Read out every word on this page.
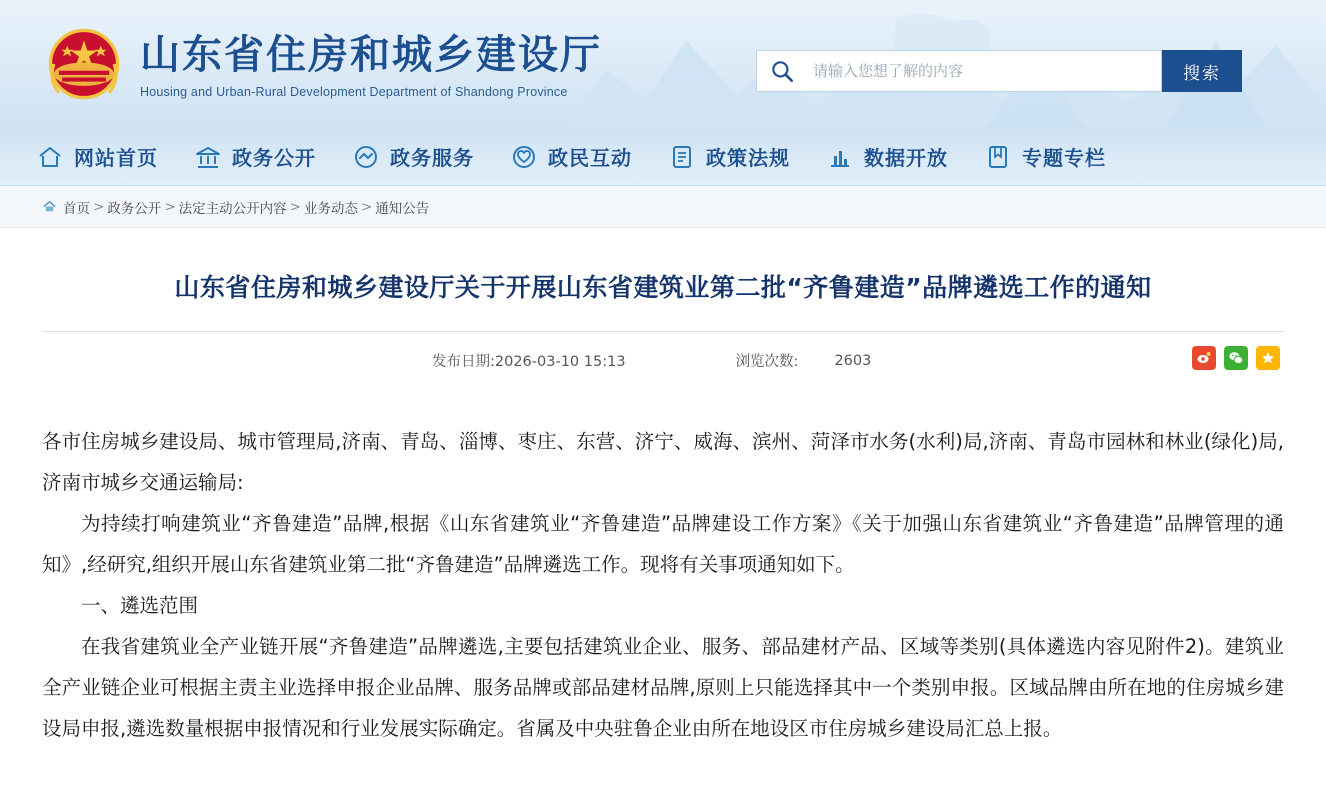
山东省住房和城乡建设厅
Housing and Urban-Rural Development Department of Shandong Province
请输入您想了解的内容
搜索
网站首页	政务公开	政务服务	政民互动	政策法规	数据开放	专题专栏
首页 > 政务公开 > 法定主动公开内容 > 业务动态 > 通知公告
山东省住房和城乡建设厅关于开展山东省建筑业第二批“齐鲁建造”品牌遴选工作的通知
发布日期:2026-03-10 15:13	浏览次数: 2603

各市住房城乡建设局、城市管理局,济南、青岛、淄博、枣庄、东营、济宁、威海、滨州、菏泽市水务(水利)局,济南、青岛市园林和林业(绿化)局,济南市城乡交通运输局:

为持续打响建筑业“齐鲁建造”品牌,根据《山东省建筑业“齐鲁建造”品牌建设工作方案》《关于加强山东省建筑业“齐鲁建造”品牌管理的通知》,经研究,组织开展山东省建筑业第二批“齐鲁建造”品牌遴选工作。现将有关事项通知如下。

一、遴选范围

在我省建筑业全产业链开展“齐鲁建造”品牌遴选,主要包括建筑业企业、服务、部品建材产品、区域等类别(具体遴选内容见附件2)。建筑业全产业链企业可根据主责主业选择申报企业品牌、服务品牌或部品建材品牌,原则上只能选择其中一个类别申报。区域品牌由所在地的住房城乡建设局申报,遴选数量根据申报情况和行业发展实际确定。省属及中央驻鲁企业由所在地设区市住房城乡建设局汇总上报。
